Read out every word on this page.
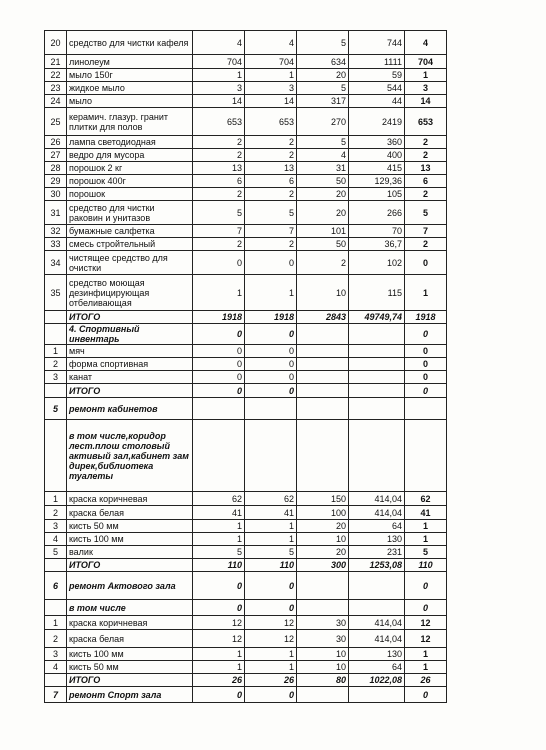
20	средство для чистки кафеля	4	4	5	744	4
21	линолеум	704	704	634	1111	704
22	мыло 150г	1	1	20	59	1
23	жидкое мыло	3	3	5	544	3
24	мыло	14	14	317	44	14
25	керамич. глазур. гранит плитки для полов	653	653	270	2419	653
26	лампа светодиодная	2	2	5	360	2
27	ведро для мусора	2	2	4	400	2
28	порошок 2 кг	13	13	31	415	13
29	порошок 400г	6	6	50	129,36	6
30	порошок	2	2	20	105	2
31	средство для чистки раковин и унитазов	5	5	20	266	5
32	бумажные салфетка	7	7	101	70	7
33	смесь стройтельный	2	2	50	36,7	2
34	чистящее средство для очистки	0	0	2	102	0
35	средство моющая дезинфицирующая отбеливающая	1	1	10	115	1
	ИТОГО	1918	1918	2843	49749,74	1918
	4. Спортивный инвентарь	0	0			0
1	мяч	0	0			0
2	форма спортивная	0	0			0
3	канат	0	0			0
	ИТОГО	0	0			0
5	ремонт кабинетов					
	в том числе,коридор лест.плош столовый активый зал,кабинет зам дирек,библиотека туалеты					
1	краска коричневая	62	62	150	414,04	62
2	краска белая	41	41	100	414,04	41
3	кисть 50 мм	1	1	20	64	1
4	кисть 100 мм	1	1	10	130	1
5	валик	5	5	20	231	5
	ИТОГО	110	110	300	1253,08	110
6	ремонт Актового зала	0	0			0
	в том числе	0	0			0
1	краска коричневая	12	12	30	414,04	12
2	краска белая	12	12	30	414,04	12
3	кисть 100 мм	1	1	10	130	1
4	кисть 50 мм	1	1	10	64	1
	ИТОГО	26	26	80	1022,08	26
7	ремонт Спорт зала	0	0			0
